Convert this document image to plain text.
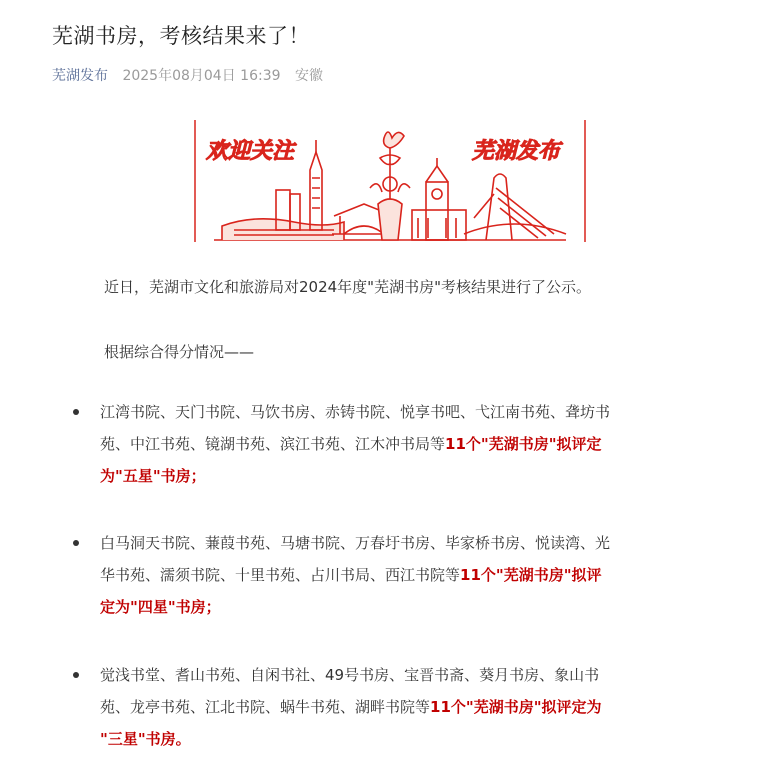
芜湖书房，考核结果来了！
芜湖发布 2025年08月04日 16:39 安徽
欢迎关注	芜湖发布
近日，芜湖市文化和旅游局对2024年度"芜湖书房"考核结果进行了公示。
根据综合得分情况——
江湾书院、天门书院、马饮书房、赤铸书院、悦享书吧、弋江南书苑、聋坊书
苑、中江书苑、镜湖书苑、滨江书苑、江木冲书局等11个"芜湖书房"拟评定
为"五星"书房；
白马洞天书院、蒹葭书苑、马塘书院、万春圩书房、毕家桥书房、悦读湾、光
华书苑、濡须书院、十里书苑、占川书局、西江书院等11个"芜湖书房"拟评
定为"四星"书房；
觉浅书堂、耆山书苑、自闲书社、49号书房、宝晋书斋、葵月书房、象山书
苑、龙亭书苑、江北书院、蜗牛书苑、湖畔书院等11个"芜湖书房"拟评定为
"三星"书房。
